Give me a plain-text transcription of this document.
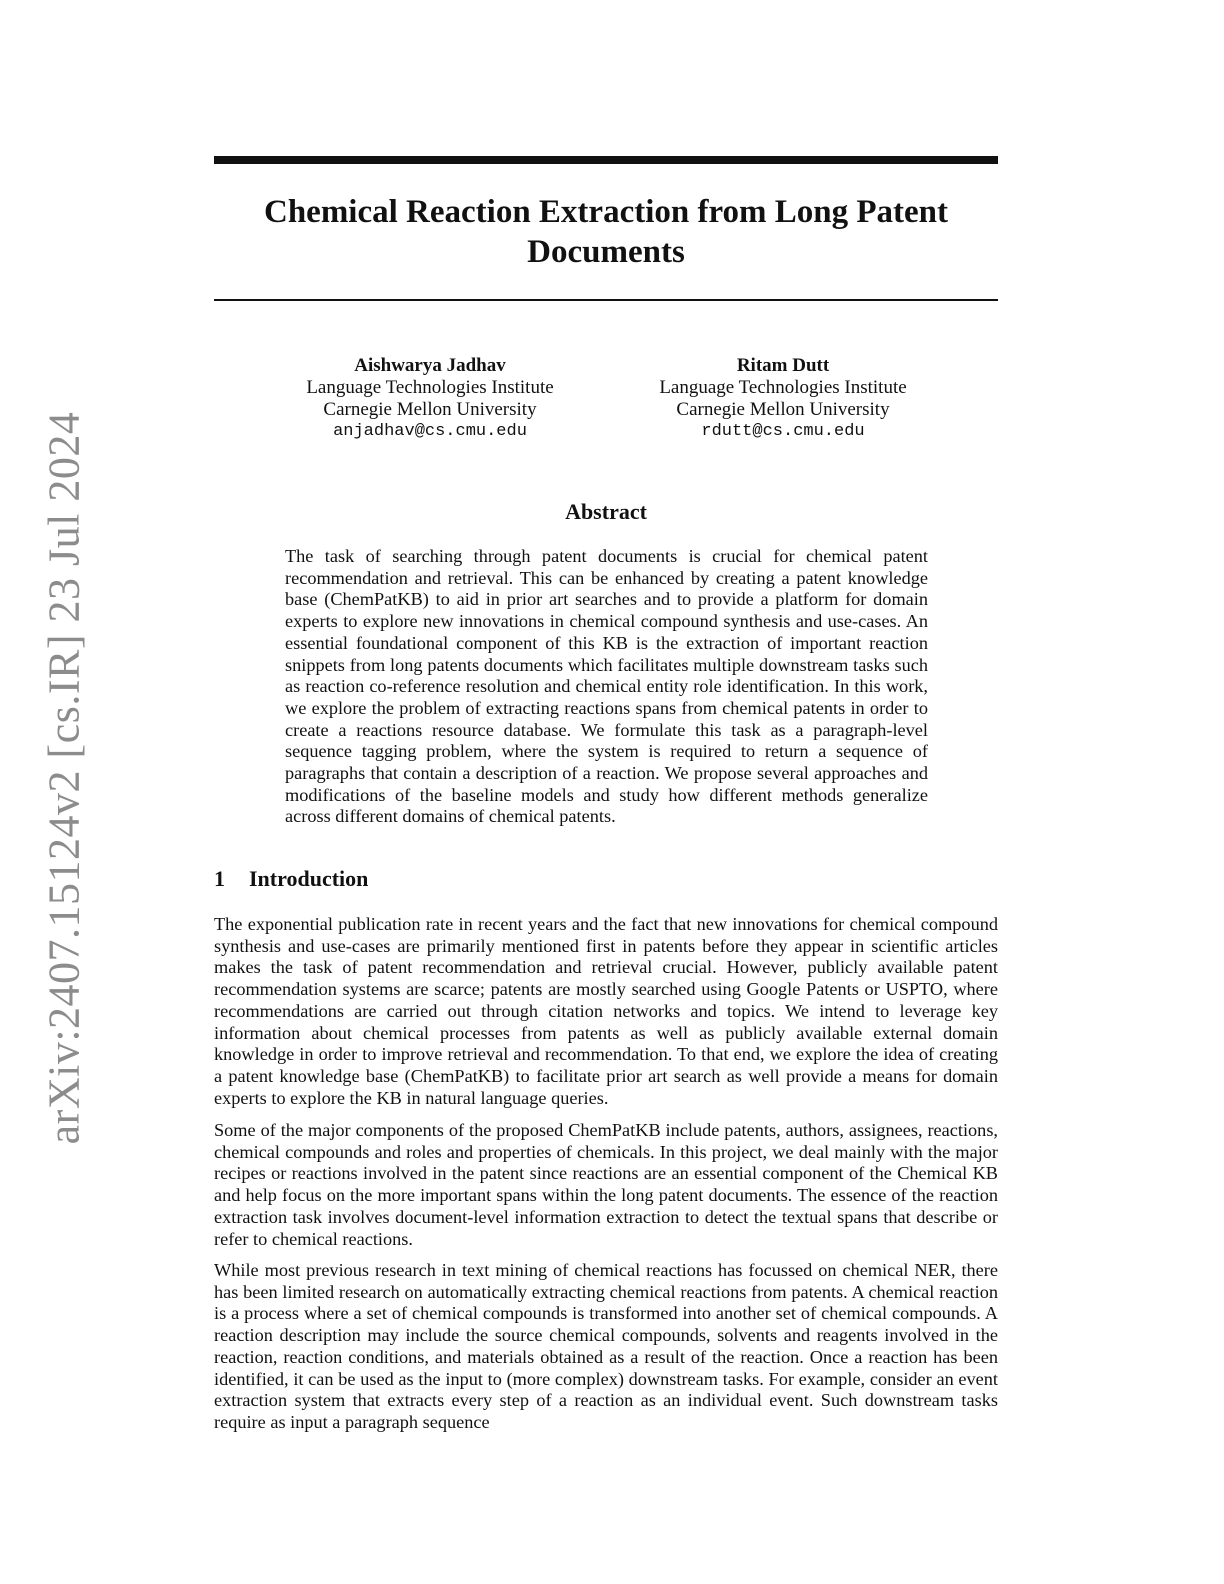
arXiv:2407.15124v2 [cs.IR] 23 Jul 2024
Chemical Reaction Extraction from Long Patent Documents
Aishwarya Jadhav
Language Technologies Institute
Carnegie Mellon University
anjadhav@cs.cmu.edu
Ritam Dutt
Language Technologies Institute
Carnegie Mellon University
rdutt@cs.cmu.edu
Abstract

The task of searching through patent documents is crucial for chemical patent recommendation and retrieval. This can be enhanced by creating a patent knowledge base (ChemPatKB) to aid in prior art searches and to provide a platform for domain experts to explore new innovations in chemical compound synthesis and use-cases. An essential foundational component of this KB is the extraction of important reaction snippets from long patents documents which facilitates multiple downstream tasks such as reaction co-reference resolution and chemical entity role identification. In this work, we explore the problem of extracting reactions spans from chemical patents in order to create a reactions resource database. We formulate this task as a paragraph-level sequence tagging problem, where the system is required to return a sequence of paragraphs that contain a description of a reaction. We propose several approaches and modifications of the baseline models and study how different methods generalize across different domains of chemical patents.

1 Introduction

The exponential publication rate in recent years and the fact that new innovations for chemical compound synthesis and use-cases are primarily mentioned first in patents before they appear in scientific articles makes the task of patent recommendation and retrieval crucial. However, publicly available patent recommendation systems are scarce; patents are mostly searched using Google Patents or USPTO, where recommendations are carried out through citation networks and topics. We intend to leverage key information about chemical processes from patents as well as publicly available external domain knowledge in order to improve retrieval and recommendation. To that end, we explore the idea of creating a patent knowledge base (ChemPatKB) to facilitate prior art search as well provide a means for domain experts to explore the KB in natural language queries.

Some of the major components of the proposed ChemPatKB include patents, authors, assignees, reactions, chemical compounds and roles and properties of chemicals. In this project, we deal mainly with the major recipes or reactions involved in the patent since reactions are an essential component of the Chemical KB and help focus on the more important spans within the long patent documents. The essence of the reaction extraction task involves document-level information extraction to detect the textual spans that describe or refer to chemical reactions.

While most previous research in text mining of chemical reactions has focussed on chemical NER, there has been limited research on automatically extracting chemical reactions from patents. A chemical reaction is a process where a set of chemical compounds is transformed into another set of chemical compounds. A reaction description may include the source chemical compounds, solvents and reagents involved in the reaction, reaction conditions, and materials obtained as a result of the reaction. Once a reaction has been identified, it can be used as the input to (more complex) downstream tasks. For example, consider an event extraction system that extracts every step of a reaction as an individual event. Such downstream tasks require as input a paragraph sequence
